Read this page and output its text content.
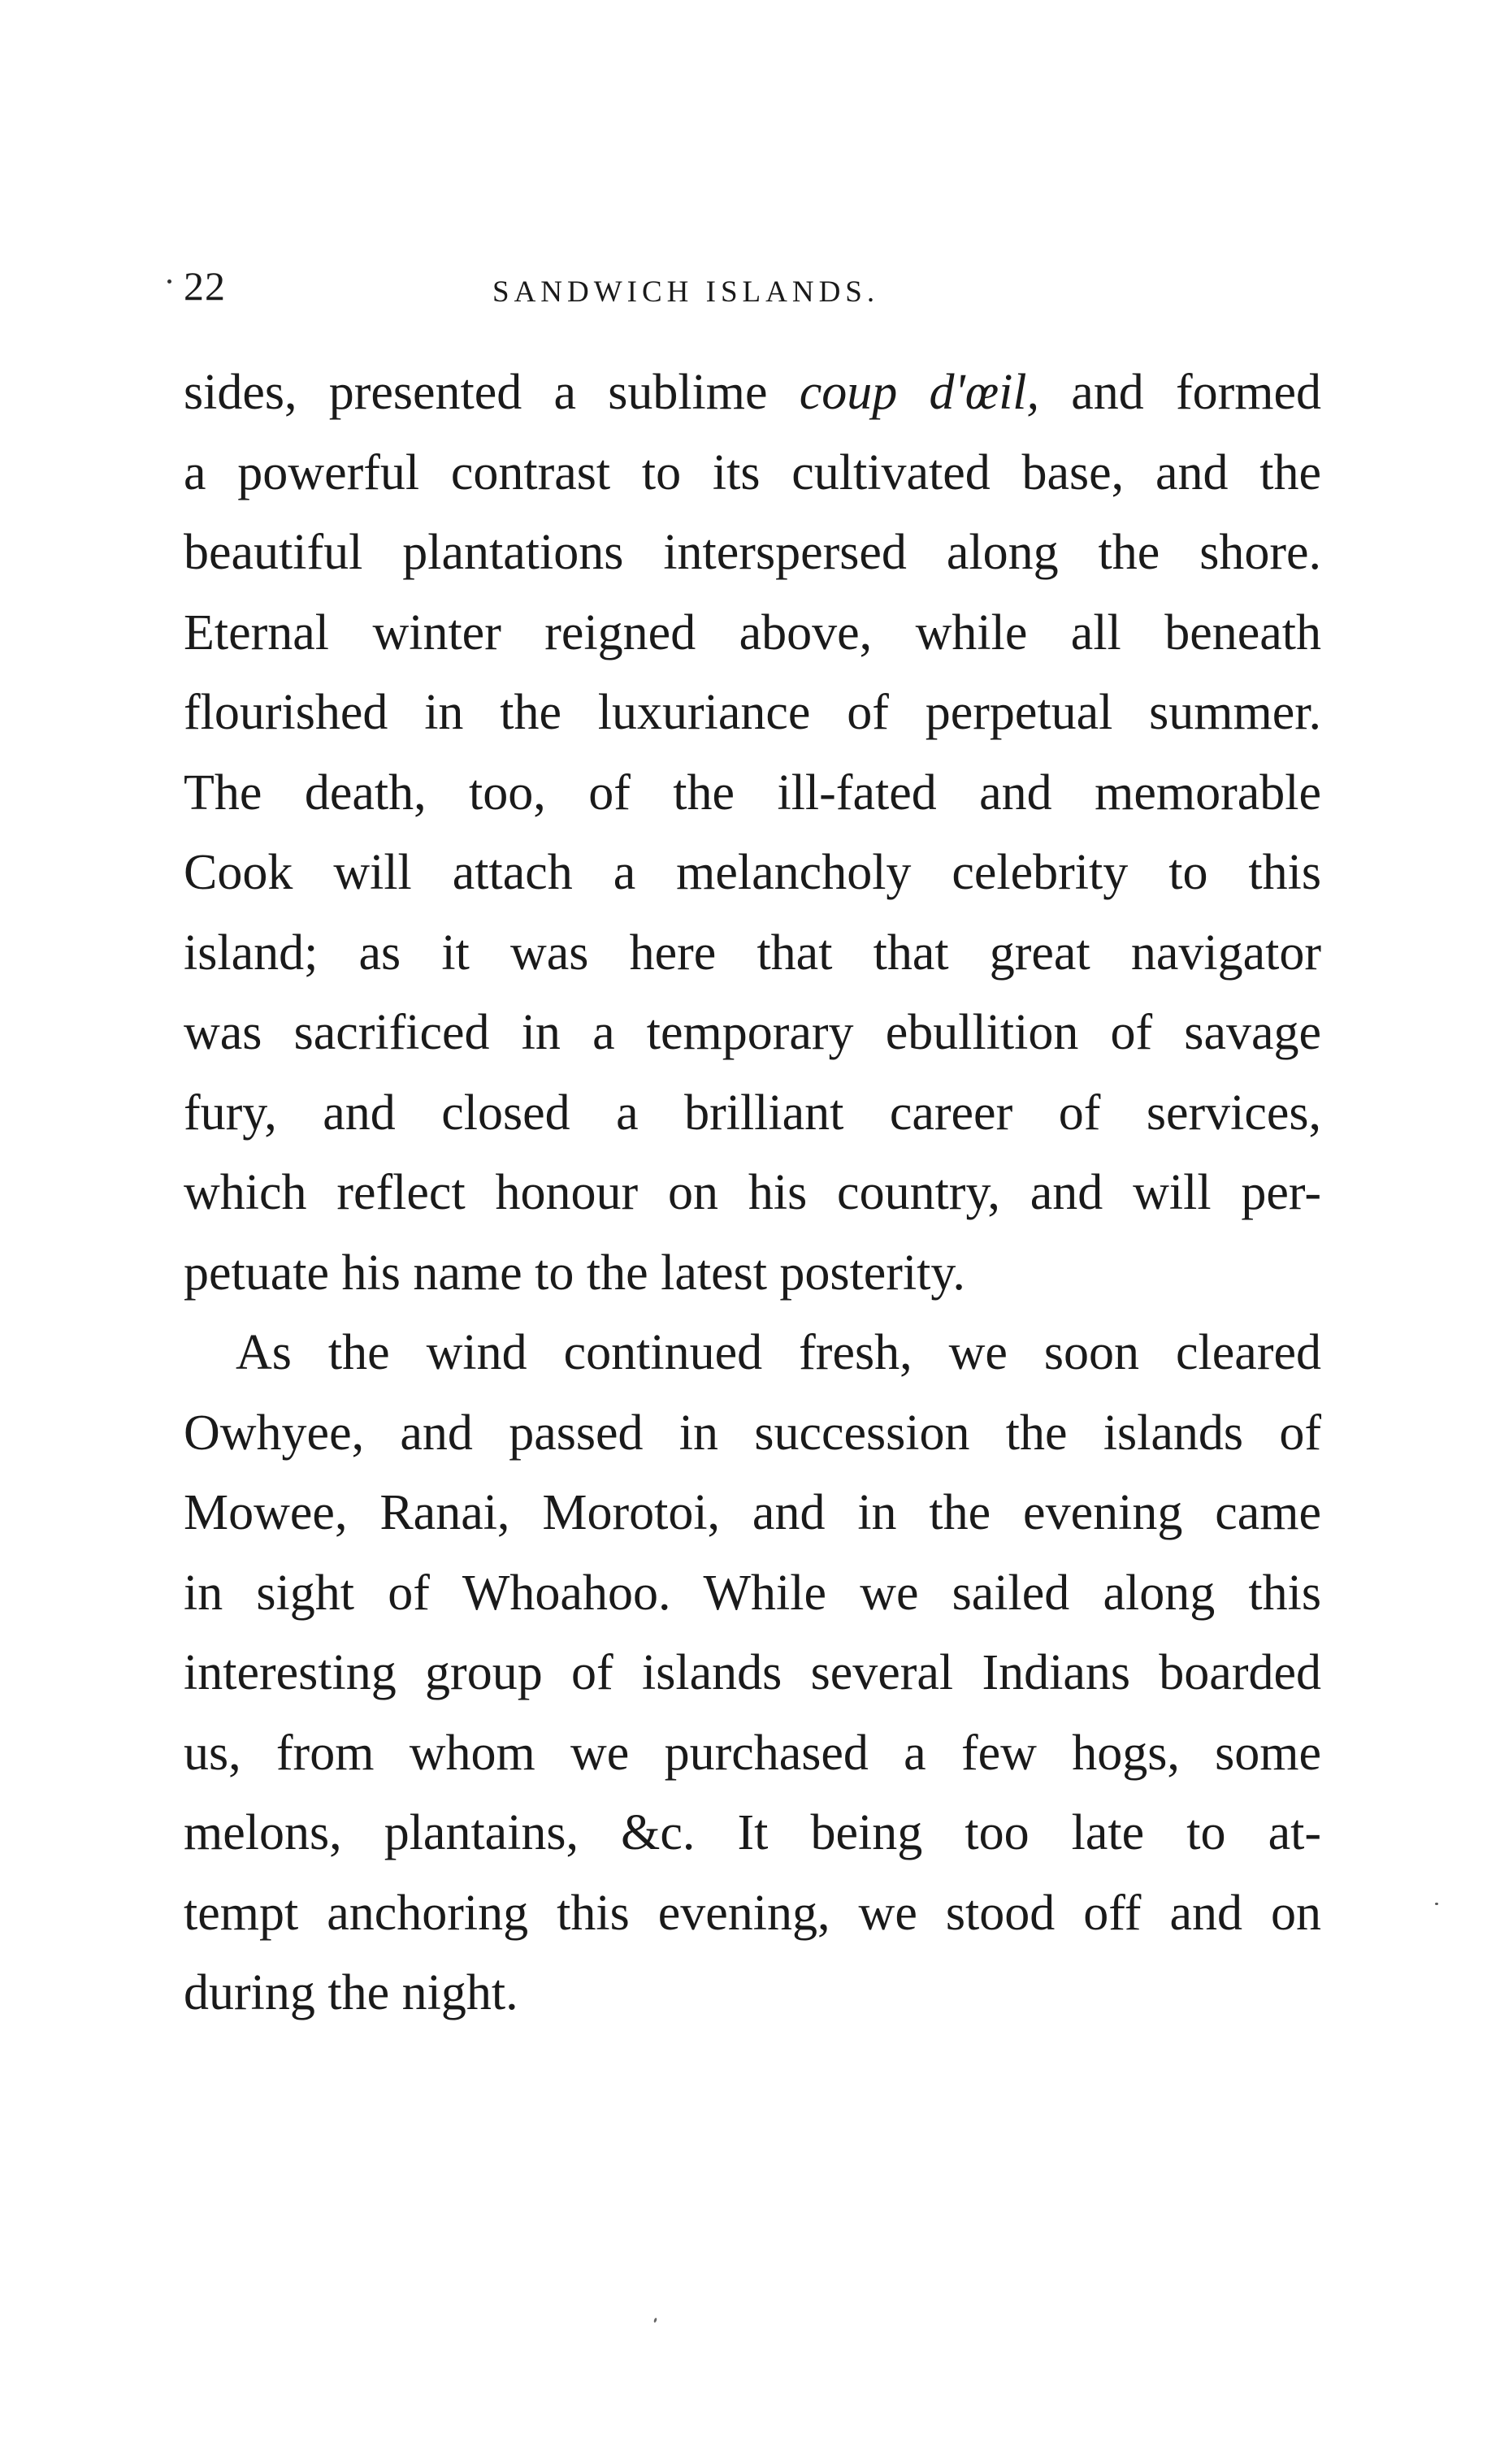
22	SANDWICH ISLANDS.
sides, presented a sublime coup d'œil, and formed
a powerful contrast to its cultivated base, and the
beautiful plantations interspersed along the shore.
Eternal winter reigned above, while all beneath
flourished in the luxuriance of perpetual summer.
The death, too, of the ill-fated and memorable
Cook will attach a melancholy celebrity to this
island; as it was here that that great navigator
was sacrificed in a temporary ebullition of savage
fury, and closed a brilliant career of services,
which reflect honour on his country, and will per-
petuate his name to the latest posterity.
As the wind continued fresh, we soon cleared
Owhyee, and passed in succession the islands of
Mowee, Ranai, Morotoi, and in the evening came
in sight of Whoahoo. While we sailed along this
interesting group of islands several Indians boarded
us, from whom we purchased a few hogs, some
melons, plantains, &c. It being too late to at-
tempt anchoring this evening, we stood off and on
during the night.
